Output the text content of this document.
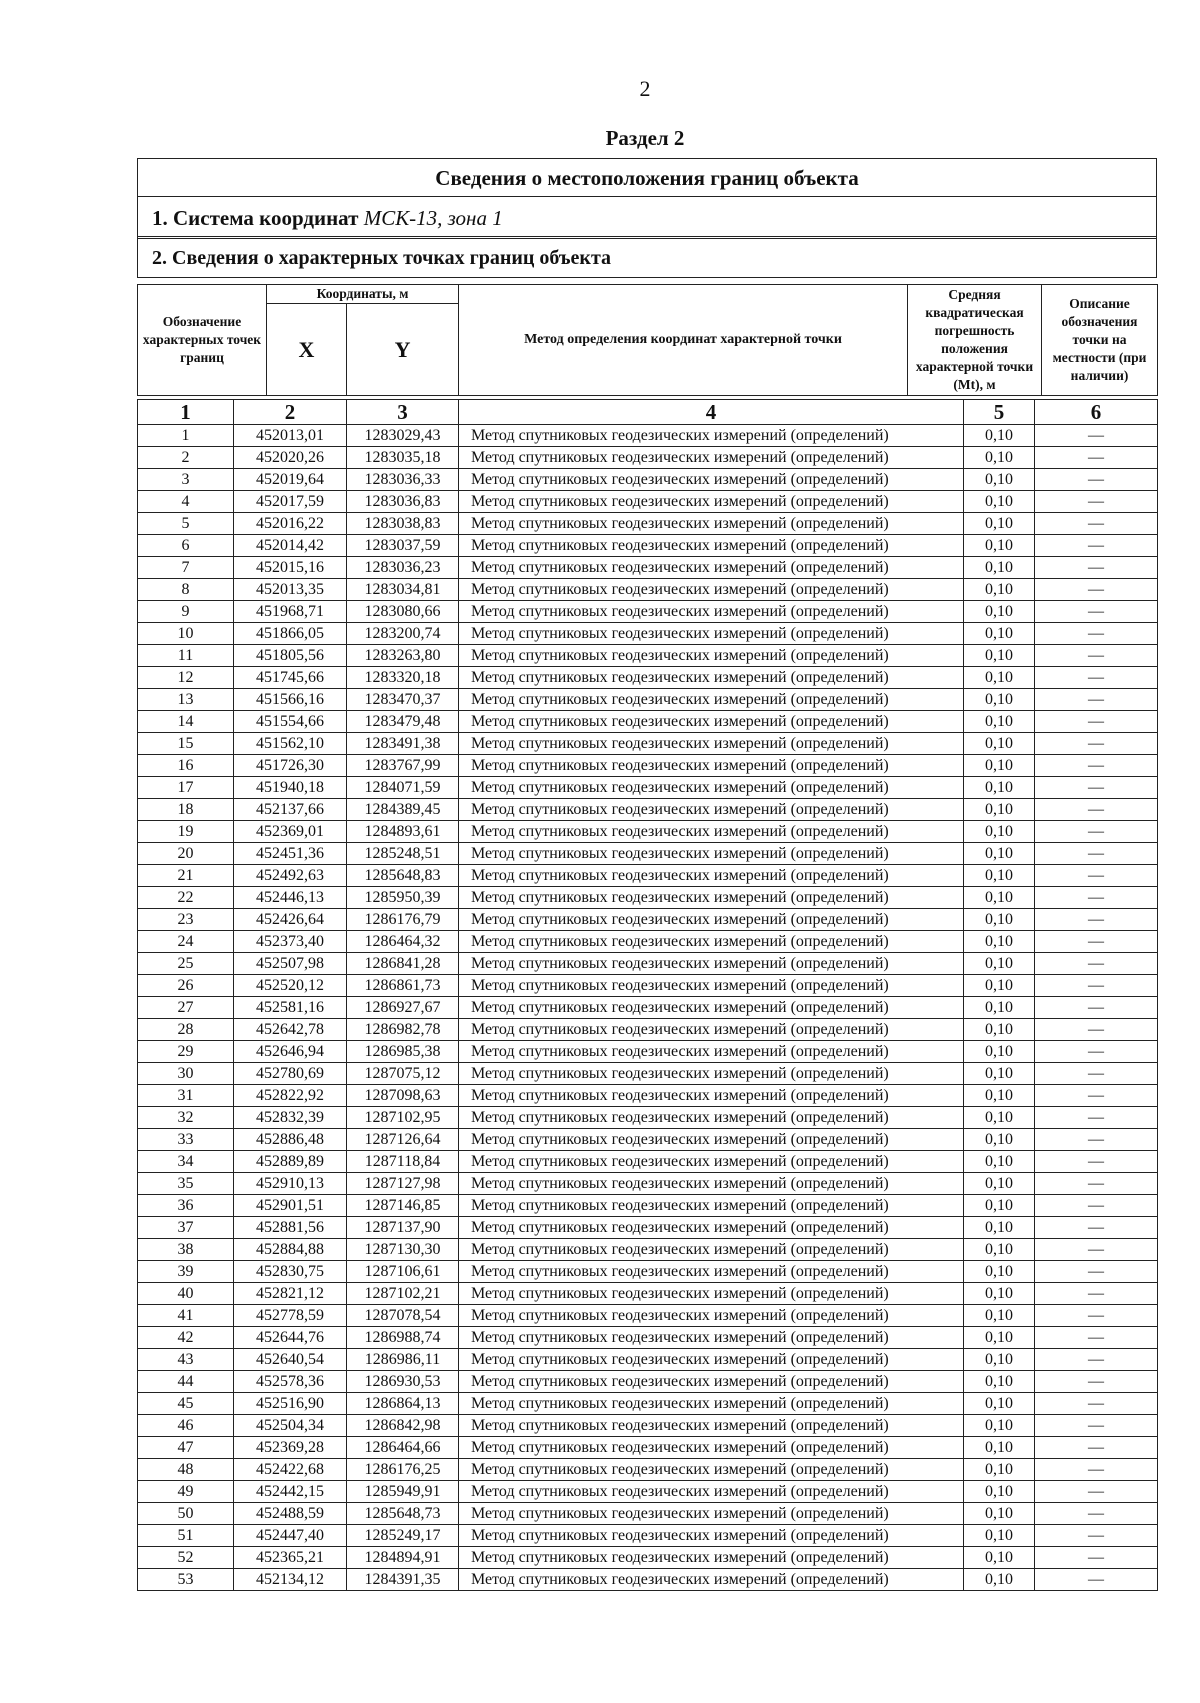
2
Раздел 2
Сведения о местоположения границ объекта
1. Система координат МСК-13, зона 1
2. Сведения о характерных точках границ объекта
Обозначение характерных точек границ	Координаты, м		Метод определения координат характерной точки	Средняя квадратическая погрешность положения характерной точки (Mt), м	Описание обозначения точки на местности (при наличии)
	X	Y			
1	2	3	4	5	6
1	452013,01	1283029,43	Метод спутниковых геодезических измерений (определений)	0,10	—
2	452020,26	1283035,18	Метод спутниковых геодезических измерений (определений)	0,10	—
3	452019,64	1283036,33	Метод спутниковых геодезических измерений (определений)	0,10	—
4	452017,59	1283036,83	Метод спутниковых геодезических измерений (определений)	0,10	—
5	452016,22	1283038,83	Метод спутниковых геодезических измерений (определений)	0,10	—
6	452014,42	1283037,59	Метод спутниковых геодезических измерений (определений)	0,10	—
7	452015,16	1283036,23	Метод спутниковых геодезических измерений (определений)	0,10	—
8	452013,35	1283034,81	Метод спутниковых геодезических измерений (определений)	0,10	—
9	451968,71	1283080,66	Метод спутниковых геодезических измерений (определений)	0,10	—
10	451866,05	1283200,74	Метод спутниковых геодезических измерений (определений)	0,10	—
11	451805,56	1283263,80	Метод спутниковых геодезических измерений (определений)	0,10	—
12	451745,66	1283320,18	Метод спутниковых геодезических измерений (определений)	0,10	—
13	451566,16	1283470,37	Метод спутниковых геодезических измерений (определений)	0,10	—
14	451554,66	1283479,48	Метод спутниковых геодезических измерений (определений)	0,10	—
15	451562,10	1283491,38	Метод спутниковых геодезических измерений (определений)	0,10	—
16	451726,30	1283767,99	Метод спутниковых геодезических измерений (определений)	0,10	—
17	451940,18	1284071,59	Метод спутниковых геодезических измерений (определений)	0,10	—
18	452137,66	1284389,45	Метод спутниковых геодезических измерений (определений)	0,10	—
19	452369,01	1284893,61	Метод спутниковых геодезических измерений (определений)	0,10	—
20	452451,36	1285248,51	Метод спутниковых геодезических измерений (определений)	0,10	—
21	452492,63	1285648,83	Метод спутниковых геодезических измерений (определений)	0,10	—
22	452446,13	1285950,39	Метод спутниковых геодезических измерений (определений)	0,10	—
23	452426,64	1286176,79	Метод спутниковых геодезических измерений (определений)	0,10	—
24	452373,40	1286464,32	Метод спутниковых геодезических измерений (определений)	0,10	—
25	452507,98	1286841,28	Метод спутниковых геодезических измерений (определений)	0,10	—
26	452520,12	1286861,73	Метод спутниковых геодезических измерений (определений)	0,10	—
27	452581,16	1286927,67	Метод спутниковых геодезических измерений (определений)	0,10	—
28	452642,78	1286982,78	Метод спутниковых геодезических измерений (определений)	0,10	—
29	452646,94	1286985,38	Метод спутниковых геодезических измерений (определений)	0,10	—
30	452780,69	1287075,12	Метод спутниковых геодезических измерений (определений)	0,10	—
31	452822,92	1287098,63	Метод спутниковых геодезических измерений (определений)	0,10	—
32	452832,39	1287102,95	Метод спутниковых геодезических измерений (определений)	0,10	—
33	452886,48	1287126,64	Метод спутниковых геодезических измерений (определений)	0,10	—
34	452889,89	1287118,84	Метод спутниковых геодезических измерений (определений)	0,10	—
35	452910,13	1287127,98	Метод спутниковых геодезических измерений (определений)	0,10	—
36	452901,51	1287146,85	Метод спутниковых геодезических измерений (определений)	0,10	—
37	452881,56	1287137,90	Метод спутниковых геодезических измерений (определений)	0,10	—
38	452884,88	1287130,30	Метод спутниковых геодезических измерений (определений)	0,10	—
39	452830,75	1287106,61	Метод спутниковых геодезических измерений (определений)	0,10	—
40	452821,12	1287102,21	Метод спутниковых геодезических измерений (определений)	0,10	—
41	452778,59	1287078,54	Метод спутниковых геодезических измерений (определений)	0,10	—
42	452644,76	1286988,74	Метод спутниковых геодезических измерений (определений)	0,10	—
43	452640,54	1286986,11	Метод спутниковых геодезических измерений (определений)	0,10	—
44	452578,36	1286930,53	Метод спутниковых геодезических измерений (определений)	0,10	—
45	452516,90	1286864,13	Метод спутниковых геодезических измерений (определений)	0,10	—
46	452504,34	1286842,98	Метод спутниковых геодезических измерений (определений)	0,10	—
47	452369,28	1286464,66	Метод спутниковых геодезических измерений (определений)	0,10	—
48	452422,68	1286176,25	Метод спутниковых геодезических измерений (определений)	0,10	—
49	452442,15	1285949,91	Метод спутниковых геодезических измерений (определений)	0,10	—
50	452488,59	1285648,73	Метод спутниковых геодезических измерений (определений)	0,10	—
51	452447,40	1285249,17	Метод спутниковых геодезических измерений (определений)	0,10	—
52	452365,21	1284894,91	Метод спутниковых геодезических измерений (определений)	0,10	—
53	452134,12	1284391,35	Метод спутниковых геодезических измерений (определений)	0,10	—
